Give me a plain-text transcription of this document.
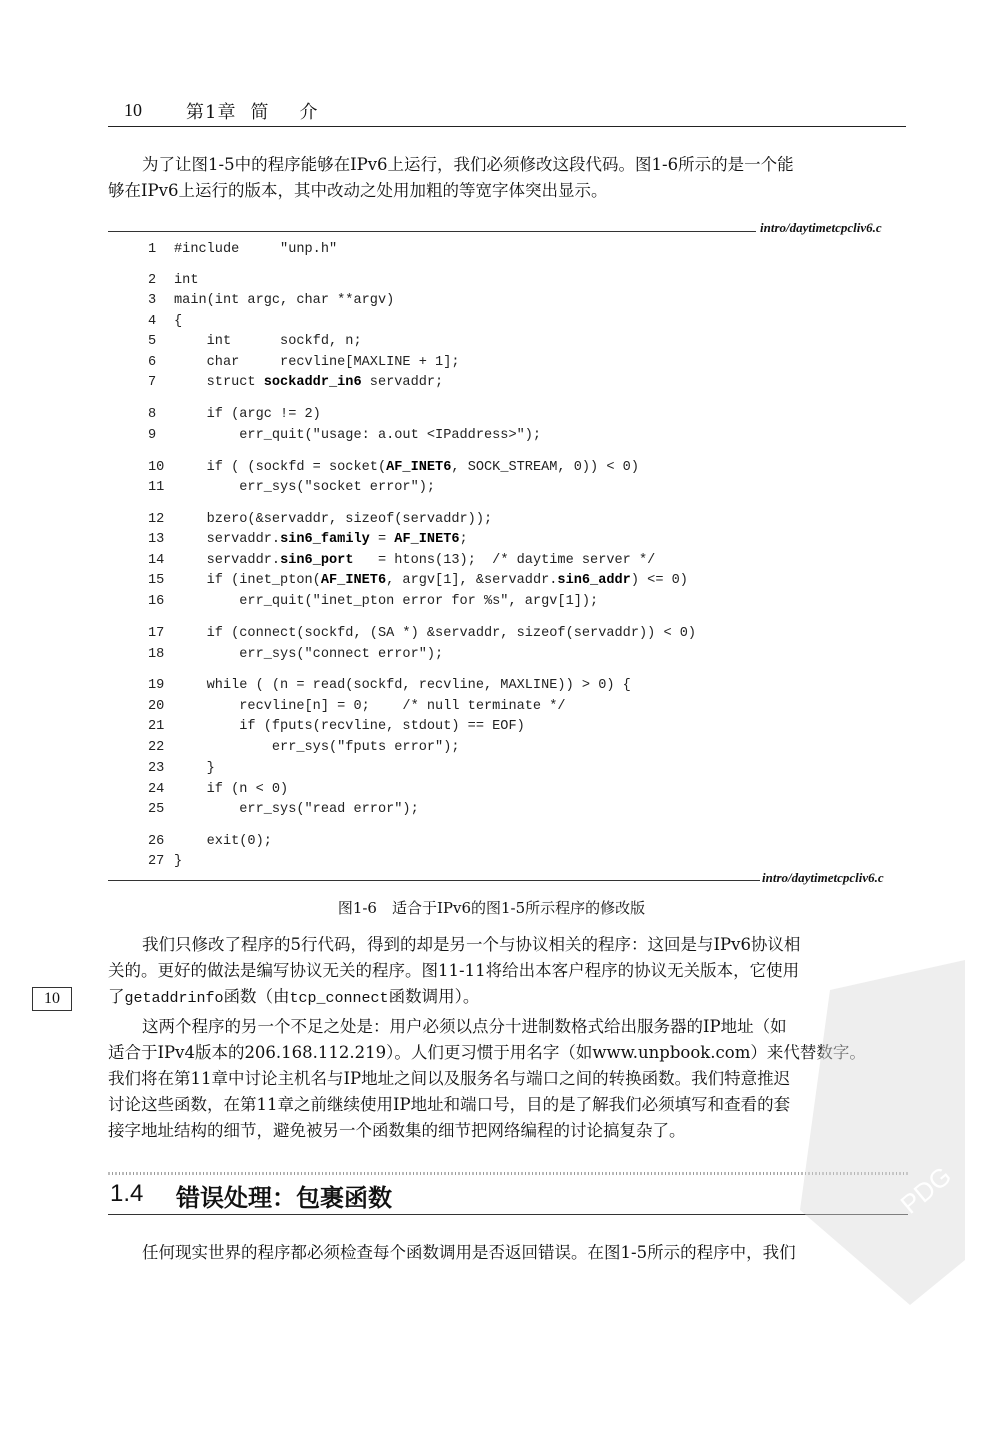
10 第1章 简 介

为了让图1-5中的程序能够在IPv6上运行，我们必须修改这段代码。图1-6所示的是一个能

够在IPv6上运行的版本，其中改动之处用加粗的等宽字体突出显示。
intro/daytimetcpcliv6.c
1 #include     "unp.h"
2 int
3 main(int argc, char **argv)
4 {
5    int      sockfd, n;
6    char     recvline[MAXLINE + 1];
7    struct sockaddr_in6 servaddr;
8    if (argc != 2)
9        err_quit("usage: a.out <IPaddress>");
10    if ( (sockfd = socket(AF_INET6, SOCK_STREAM, 0)) < 0)
11        err_sys("socket error");
12    bzero(&servaddr, sizeof(servaddr));
13    servaddr.sin6_family = AF_INET6;
14    servaddr.sin6_port   = htons(13);  /* daytime server */
15    if (inet_pton(AF_INET6, argv[1], &servaddr.sin6_addr) <= 0)
16        err_quit("inet_pton error for %s", argv[1]);
17    if (connect(sockfd, (SA *) &servaddr, sizeof(servaddr)) < 0)
18        err_sys("connect error");
19    while ( (n = read(sockfd, recvline, MAXLINE)) > 0) {
20        recvline[n] = 0;    /* null terminate */
21        if (fputs(recvline, stdout) == EOF)
22            err_sys("fputs error");
23    }
24    if (n < 0)
25        err_sys("read error");
26    exit(0);
27 }
intro/daytimetcpcliv6.c
图1-6　适合于IPv6的图1-5所示程序的修改版

我们只修改了程序的5行代码，得到的却是另一个与协议相关的程序：这回是与IPv6协议相

关的。更好的做法是编写协议无关的程序。图11-11将给出本客户程序的协议无关版本，它使用
了getaddrinfo函数（由tcp_connect函数调用）。
10

这两个程序的另一个不足之处是：用户必须以点分十进制数格式给出服务器的IP地址（如

适合于IPv4版本的206.168.112.219）。人们更习惯于用名字（如www.unpbook.com）来代替数字。
我们将在第11章中讨论主机名与IP地址之间以及服务名与端口之间的转换函数。我们特意推迟
讨论这些函数，在第11章之前继续使用IP地址和端口号，目的是了解我们必须填写和查看的套
接字地址结构的细节，避免被另一个函数集的细节把网络编程的讨论搞复杂了。
1.4 错误处理：包裹函数

任何现实世界的程序都必须检查每个函数调用是否返回错误。在图1-5所示的程序中，我们

PDG
